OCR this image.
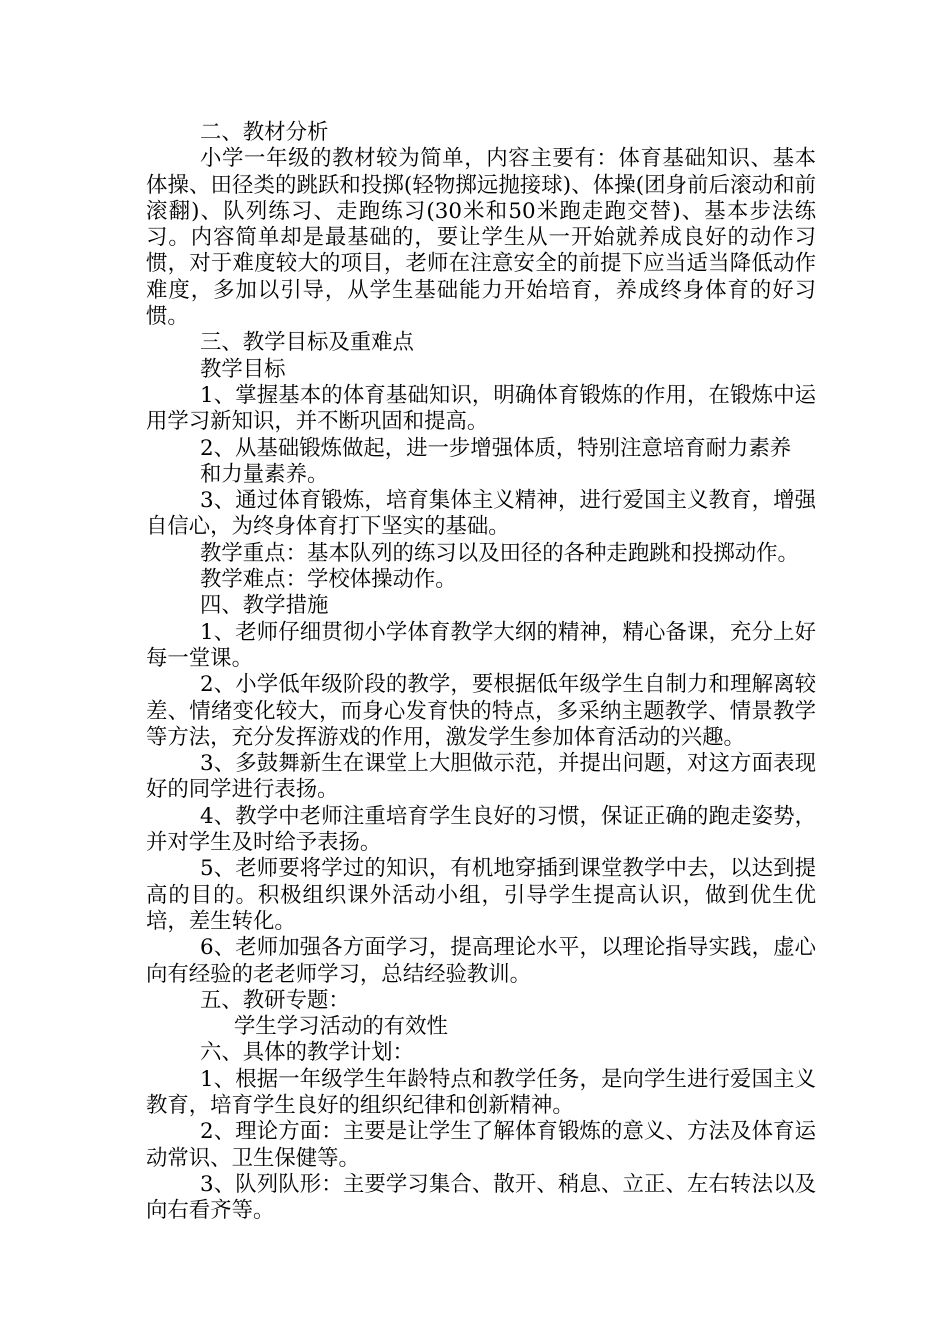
二、教材分析

小学一年级的教材较为简单，内容主要有：体育基础知识、基本体操、田径类的跳跃和投掷(轻物掷远抛接球)、体操(团身前后滚动和前滚翻)、队列练习、走跑练习(30米和50米跑走跑交替)、基本步法练习。内容简单却是最基础的，要让学生从一开始就养成良好的动作习惯，对于难度较大的项目，老师在注意安全的前提下应当适当降低动作难度，多加以引导，从学生基础能力开始培育，养成终身体育的好习惯。

三、教学目标及重难点

教学目标

1、掌握基本的体育基础知识，明确体育锻炼的作用，在锻炼中运用学习新知识，并不断巩固和提高。

2、从基础锻炼做起，进一步增强体质，特别注意培育耐力素养

和力量素养。

3、通过体育锻炼，培育集体主义精神，进行爱国主义教育，增强自信心，为终身体育打下坚实的基础。

教学重点：基本队列的练习以及田径的各种走跑跳和投掷动作。

教学难点：学校体操动作。

四、教学措施

1、老师仔细贯彻小学体育教学大纲的精神，精心备课，充分上好每一堂课。

2、小学低年级阶段的教学，要根据低年级学生自制力和理解离较差、情绪变化较大，而身心发育快的特点，多采纳主题教学、情景教学等方法，充分发挥游戏的作用，激发学生参加体育活动的兴趣。

3、多鼓舞新生在课堂上大胆做示范，并提出问题，对这方面表现好的同学进行表扬。

4、教学中老师注重培育学生良好的习惯，保证正确的跑走姿势，并对学生及时给予表扬。

5、老师要将学过的知识，有机地穿插到课堂教学中去，以达到提高的目的。积极组织课外活动小组，引导学生提高认识，做到优生优培，差生转化。

6、老师加强各方面学习，提高理论水平，以理论指导实践，虚心向有经验的老老师学习，总结经验教训。

五、教研专题：

学生学习活动的有效性

六、具体的教学计划：

1、根据一年级学生年龄特点和教学任务，是向学生进行爱国主义教育，培育学生良好的组织纪律和创新精神。

2、理论方面：主要是让学生了解体育锻炼的意义、方法及体育运动常识、卫生保健等。

3、队列队形：主要学习集合、散开、稍息、立正、左右转法以及向右看齐等。
